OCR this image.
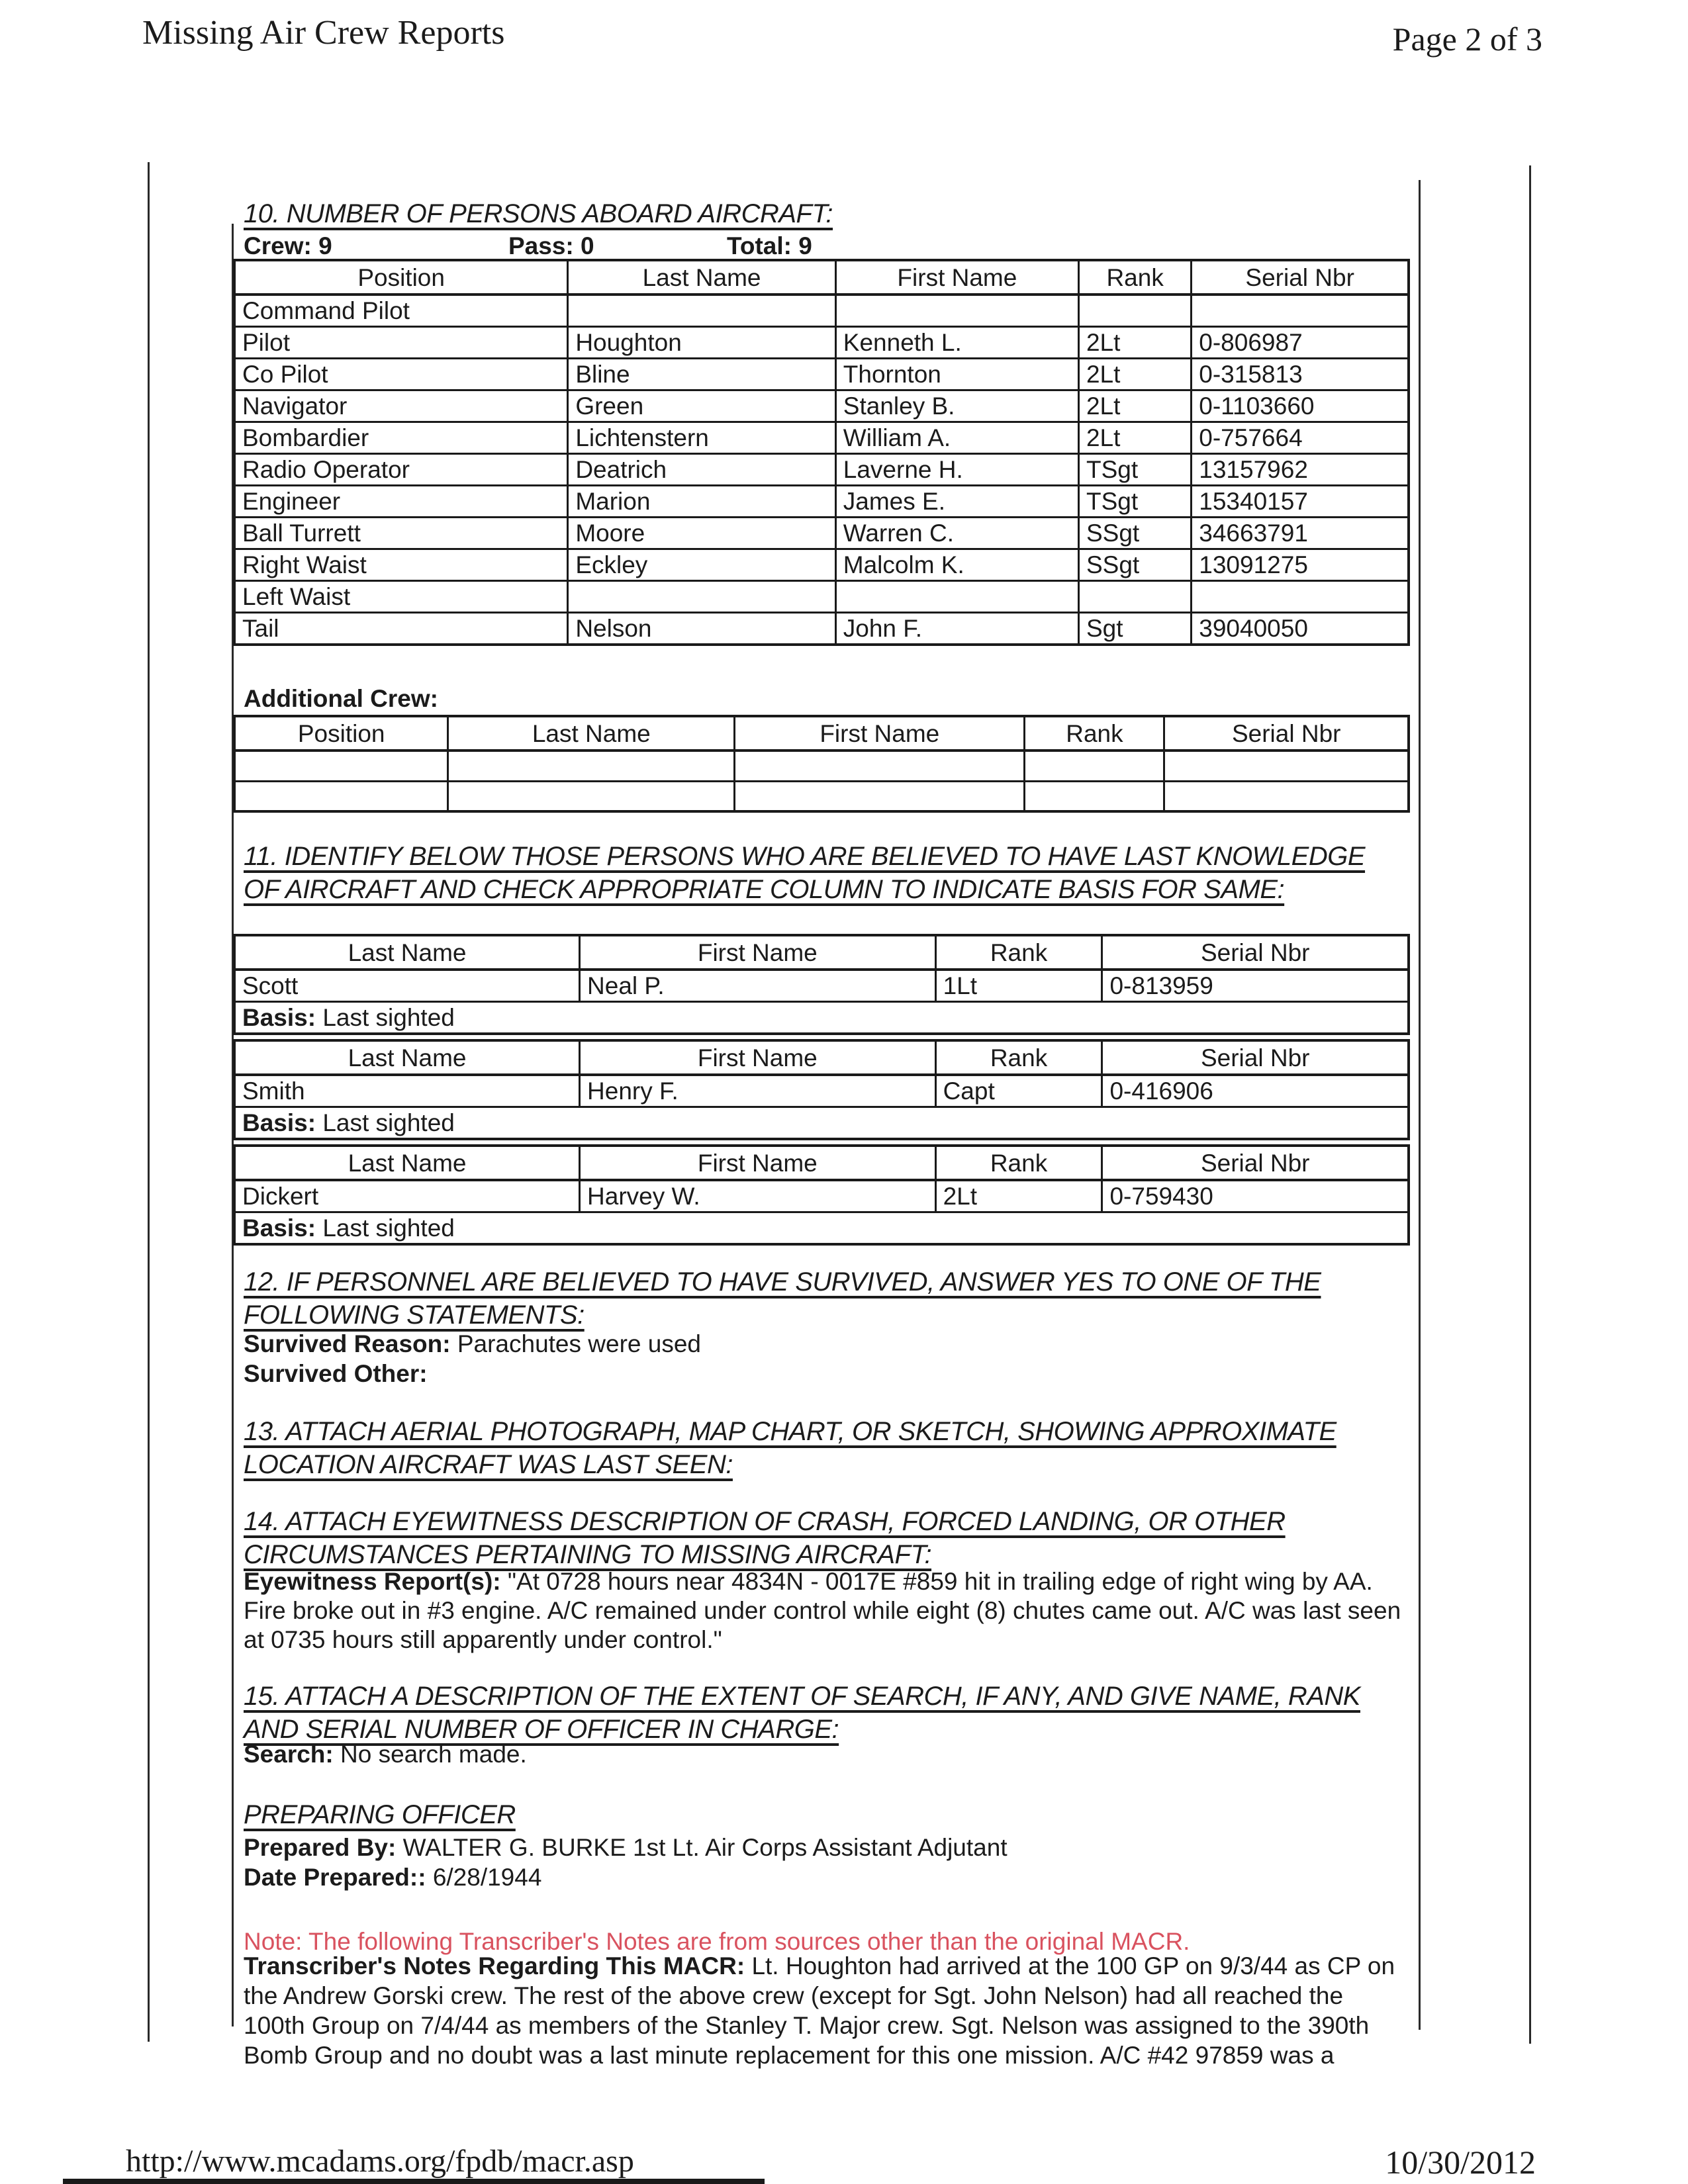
Missing Air Crew Reports	Page 2 of 3
10. NUMBER OF PERSONS ABOARD AIRCRAFT:
Crew: 9	Pass: 0	Total: 9
Position	Last Name	First Name	Rank	Serial Nbr
Command Pilot				
Pilot	Houghton	Kenneth L.	2Lt	0-806987
Co Pilot	Bline	Thornton	2Lt	0-315813
Navigator	Green	Stanley B.	2Lt	0-1103660
Bombardier	Lichtenstern	William A.	2Lt	0-757664
Radio Operator	Deatrich	Laverne H.	TSgt	13157962
Engineer	Marion	James E.	TSgt	15340157
Ball Turrett	Moore	Warren C.	SSgt	34663791
Right Waist	Eckley	Malcolm K.	SSgt	13091275
Left Waist				
Tail	Nelson	John F.	Sgt	39040050
Additional Crew:
Position	Last Name	First Name	Rank	Serial Nbr

11. IDENTIFY BELOW THOSE PERSONS WHO ARE BELIEVED TO HAVE LAST KNOWLEDGE OF AIRCRAFT AND CHECK APPROPRIATE COLUMN TO INDICATE BASIS FOR SAME:
Last Name	First Name	Rank	Serial Nbr
Scott	Neal P.	1Lt	0-813959
Basis: Last sighted			
Last Name	First Name	Rank	Serial Nbr
Smith	Henry F.	Capt	0-416906
Basis: Last sighted			
Last Name	First Name	Rank	Serial Nbr
Dickert	Harvey W.	2Lt	0-759430
Basis: Last sighted			
12. IF PERSONNEL ARE BELIEVED TO HAVE SURVIVED, ANSWER YES TO ONE OF THE FOLLOWING STATEMENTS:
Survived Reason: Parachutes were used
Survived Other:
13. ATTACH AERIAL PHOTOGRAPH, MAP CHART, OR SKETCH, SHOWING APPROXIMATE LOCATION AIRCRAFT WAS LAST SEEN:
14. ATTACH EYEWITNESS DESCRIPTION OF CRASH, FORCED LANDING, OR OTHER CIRCUMSTANCES PERTAINING TO MISSING AIRCRAFT:
Eyewitness Report(s): "At 0728 hours near 4834N - 0017E #859 hit in trailing edge of right wing by AA. Fire broke out in #3 engine. A/C remained under control while eight (8) chutes came out. A/C was last seen at 0735 hours still apparently under control."
15. ATTACH A DESCRIPTION OF THE EXTENT OF SEARCH, IF ANY, AND GIVE NAME, RANK AND SERIAL NUMBER OF OFFICER IN CHARGE:
Search: No search made.
PREPARING OFFICER
Prepared By: WALTER G. BURKE 1st Lt. Air Corps Assistant Adjutant
Date Prepared:: 6/28/1944
Note: The following Transcriber's Notes are from sources other than the original MACR.
Transcriber's Notes Regarding This MACR: Lt. Houghton had arrived at the 100 GP on 9/3/44 as CP on the Andrew Gorski crew. The rest of the above crew (except for Sgt. John Nelson) had all reached the 100th Group on 7/4/44 as members of the Stanley T. Major crew. Sgt. Nelson was assigned to the 390th Bomb Group and no doubt was a last minute replacement for this one mission. A/C #42 97859 was a
http://www.mcadams.org/fpdb/macr.asp	10/30/2012
